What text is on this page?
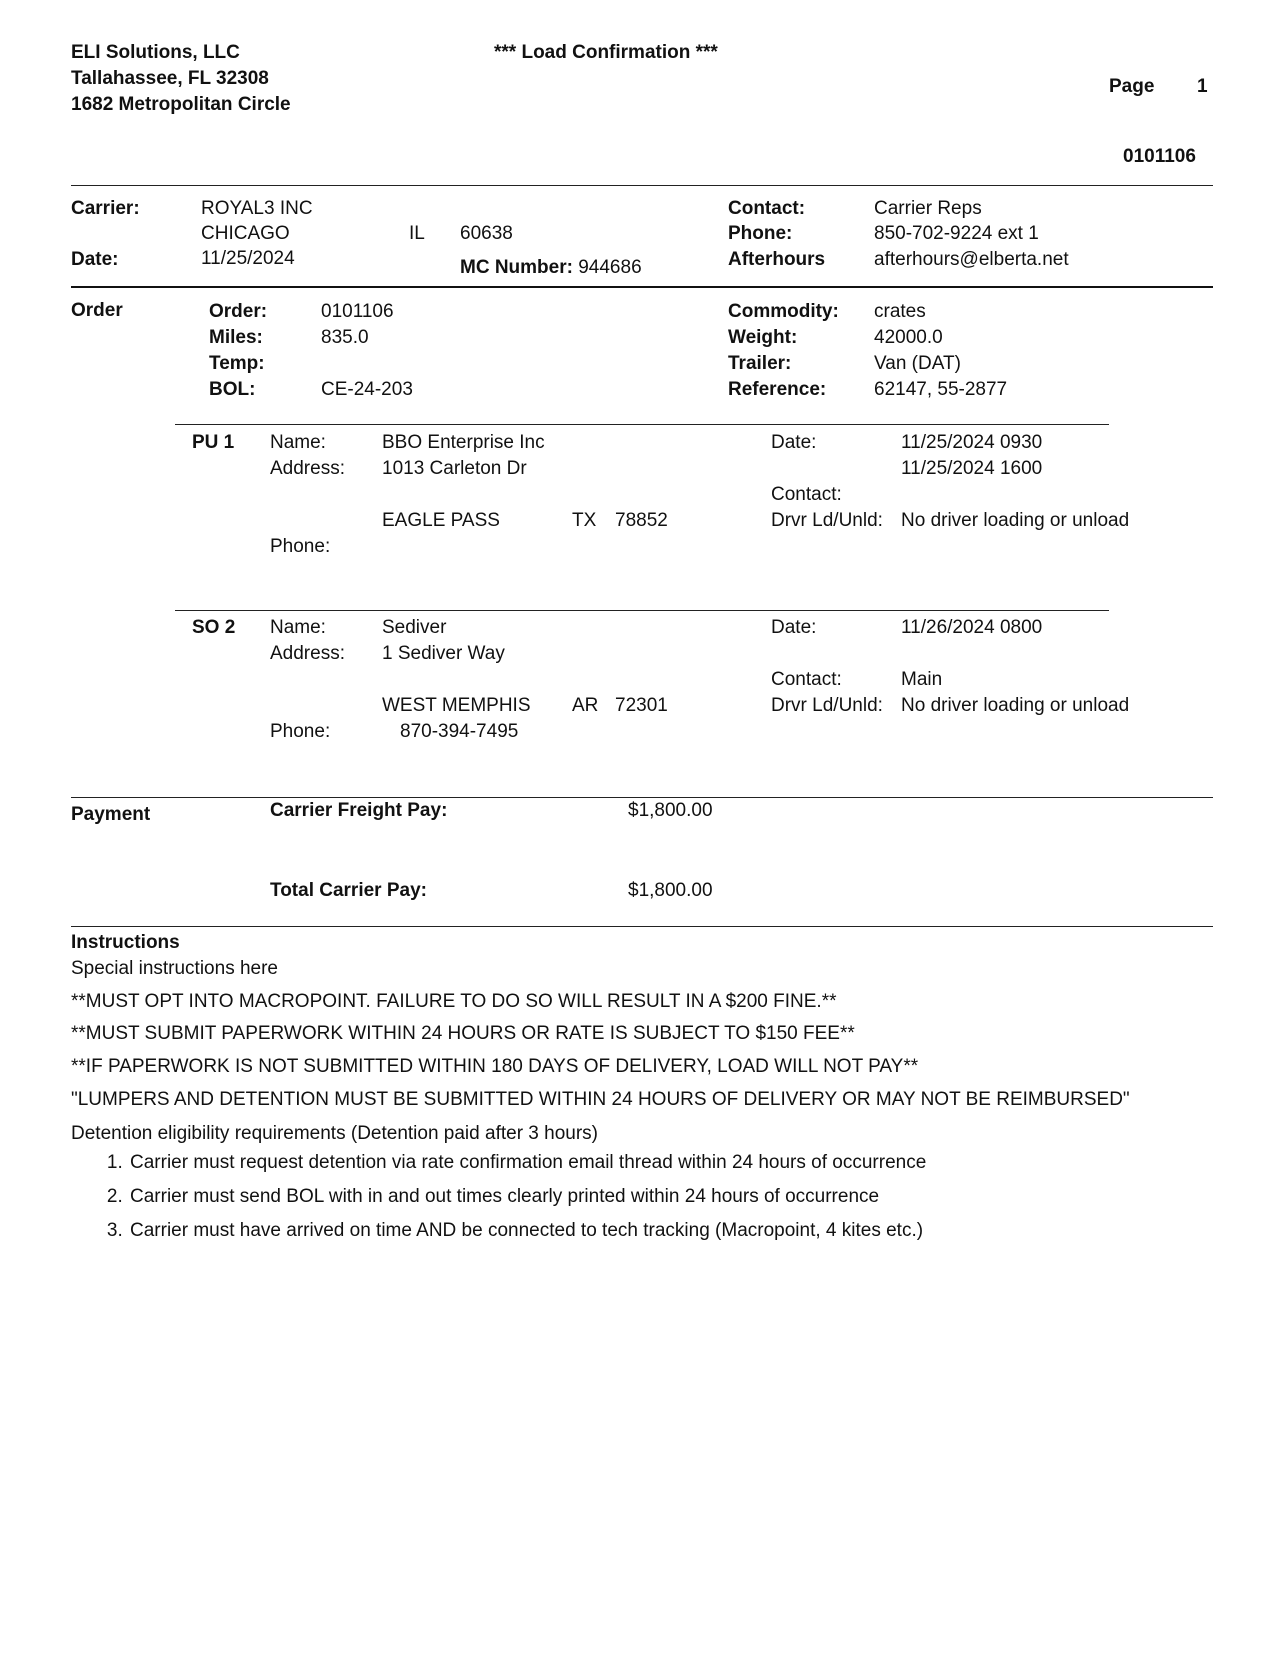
ELI Solutions, LLC
Tallahassee, FL 32308
1682 Metropolitan Circle
*** Load Confirmation ***
Page 1
0101106
Carrier:	ROYAL3 INC
CHICAGO	IL 60638
Date:	11/25/2024	MC Number: 944686
Contact:	Carrier Reps
Phone:	850-702-9224 ext 1
Afterhours	afterhours@elberta.net
Order	Order:	0101106
Miles:	835.0
Temp:
BOL:	CE-24-203
Commodity: crates
Weight:	42000.0
Trailer:	Van (DAT)
Reference:	62147, 55-2877
PU 1 Name:	BBO Enterprise Inc
Address: 1013 Carleton Dr
EAGLE PASS	TX 78852
Phone:
Date:	11/25/2024 0930
11/25/2024 1600
Contact:
Drvr Ld/Unld: No driver loading or unload
SO 2 Name:	Sediver
Address: 1 Sediver Way
WEST MEMPHIS AR 72301
Phone:	870-394-7495
Date:	11/26/2024 0800
Contact:	Main
Drvr Ld/Unld: No driver loading or unload
Payment	Carrier Freight Pay:	$1,800.00
Total Carrier Pay:	$1,800.00
Instructions
Special instructions here
**MUST OPT INTO MACROPOINT. FAILURE TO DO SO WILL RESULT IN A $200 FINE.**
**MUST SUBMIT PAPERWORK WITHIN 24 HOURS OR RATE IS SUBJECT TO $150 FEE**
**IF PAPERWORK IS NOT SUBMITTED WITHIN 180 DAYS OF DELIVERY, LOAD WILL NOT PAY**
"LUMPERS AND DETENTION MUST BE SUBMITTED WITHIN 24 HOURS OF DELIVERY OR MAY NOT BE REIMBURSED"
Detention eligibility requirements (Detention paid after 3 hours)
1. Carrier must request detention via rate confirmation email thread within 24 hours of occurrence
2. Carrier must send BOL with in and out times clearly printed within 24 hours of occurrence
3. Carrier must have arrived on time AND be connected to tech tracking (Macropoint, 4 kites etc.)
